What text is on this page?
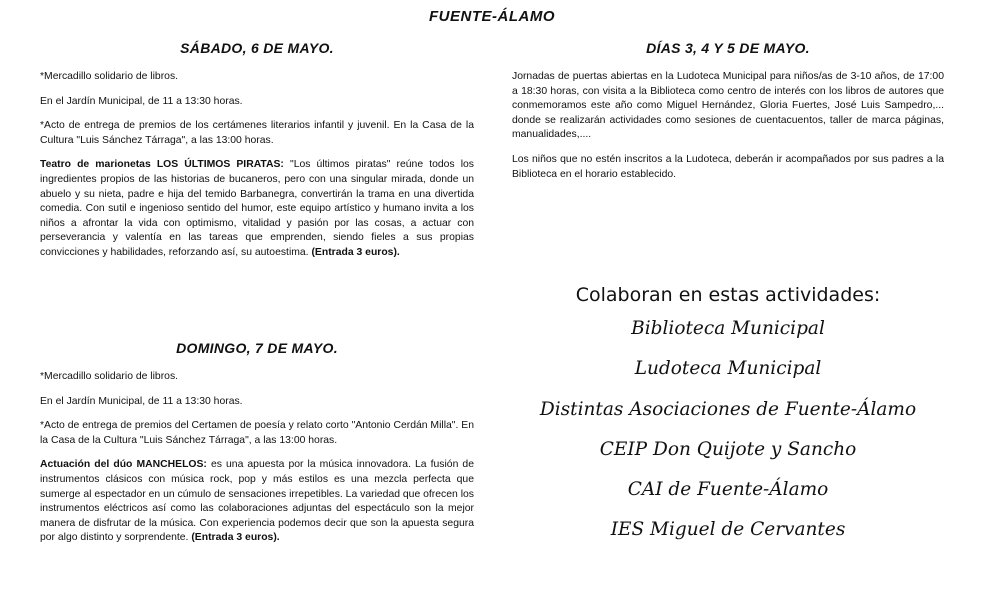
FUENTE-ÁLAMO
SÁBADO, 6 DE MAYO.

*Mercadillo solidario de libros.

En el Jardín Municipal, de 11 a 13:30 horas.

*Acto de entrega de premios de los certámenes literarios infantil y juvenil. En la Casa de la Cultura "Luis Sánchez Tárraga", a las 13:00 horas.

Teatro de marionetas LOS ÚLTIMOS PIRATAS: "Los últimos piratas" reúne todos los ingredientes propios de las historias de bucaneros, pero con una singular mirada, donde un abuelo y su nieta, padre e hija del temido Barbanegra, convertirán la trama en una divertida comedia. Con sutil e ingenioso sentido del humor, este equipo artístico y humano invita a los niños a afrontar la vida con optimismo, vitalidad y pasión por las cosas, a actuar con perseverancia y valentía en las tareas que emprenden, siendo fieles a sus propias convicciones y habilidades, reforzando así, su autoestima. (Entrada 3 euros).

DOMINGO, 7 DE MAYO.

*Mercadillo solidario de libros.

En el Jardín Municipal, de 11 a 13:30 horas.

*Acto de entrega de premios del Certamen de poesía y relato corto "Antonio Cerdán Milla". En la Casa de la Cultura "Luis Sánchez Tárraga", a las 13:00 horas.

Actuación del dúo MANCHELOS: es una apuesta por la música innovadora. La fusión de instrumentos clásicos con música rock, pop y más estilos es una mezcla perfecta que sumerge al espectador en un cúmulo de sensaciones irrepetibles. La variedad que ofrecen los instrumentos eléctricos así como las colaboraciones adjuntas del espectáculo son la mejor manera de disfrutar de la música. Con experiencia podemos decir que son la apuesta segura por algo distinto y sorprendente. (Entrada 3 euros).

DÍAS 3, 4 Y 5 DE MAYO.

Jornadas de puertas abiertas en la Ludoteca Municipal para niños/as de 3-10 años, de 17:00 a 18:30 horas, con visita a la Biblioteca como centro de interés con los libros de autores que conmemoramos este año como Miguel Hernández, Gloria Fuertes, José Luis Sampedro,... donde se realizarán actividades como sesiones de cuentacuentos, taller de marca páginas, manualidades,....

Los niños que no estén inscritos a la Ludoteca, deberán ir acompañados por sus padres a la Biblioteca en el horario establecido.

Colaboran en estas actividades:
Biblioteca Municipal
Ludoteca Municipal
Distintas Asociaciones de Fuente-Álamo
CEIP Don Quijote y Sancho
CAI de Fuente-Álamo
IES Miguel de Cervantes
